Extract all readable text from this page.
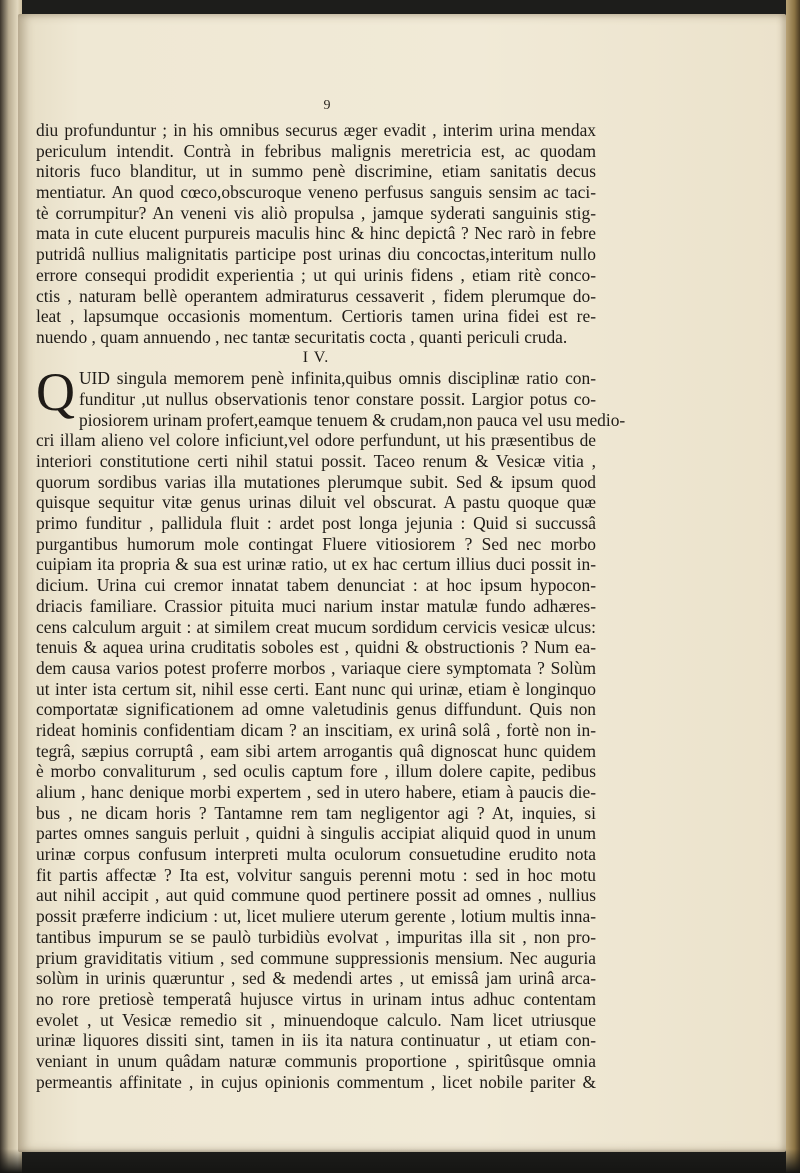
9
diu profunduntur ; in his omnibus securus æger evadit , interim urina mendax
periculum intendit. Contrà in febribus malignis meretricia est, ac quodam
nitoris fuco blanditur, ut in summo penè discrimine, etiam sanitatis decus
mentiatur. An quod cœco,obscuroque veneno perfusus sanguis sensim ac taci-
tè corrumpitur? An veneni vis aliò propulsa , jamque syderati sanguinis stig-
mata in cute elucent purpureis maculis hinc & hinc depictâ ? Nec rarò in febre
putridâ nullius malignitatis participe post urinas diu concoctas,interitum nullo
errore consequi prodidit experientia ; ut qui urinis fidens , etiam ritè conco-
ctis , naturam bellè operantem admiraturus cessaverit , fidem plerumque do-
leat , lapsumque occasionis momentum. Certioris tamen urina fidei est re-
nuendo , quam annuendo , nec tantæ securitatis cocta , quanti periculi cruda.
I V.
Q UID singula memorem penè infinita,quibus omnis disciplinæ ratio con-
funditur ,ut nullus observationis tenor constare possit. Largior potus co-
piosiorem urinam profert,eamque tenuem & crudam,non pauca vel usu medio-
cri illam alieno vel colore inficiunt,vel odore perfundunt, ut his præsentibus de
interiori constitutione certi nihil statui possit. Taceo renum & Vesicæ vitia ,
quorum sordibus varias illa mutationes plerumque subit. Sed & ipsum quod
quisque sequitur vitæ genus urinas diluit vel obscurat. A pastu quoque quæ
primo funditur , pallidula fluit : ardet post longa jejunia : Quid si succussâ
purgantibus humorum mole contingat Fluere vitiosiorem ? Sed nec morbo
cuipiam ita propria & sua est urinæ ratio, ut ex hac certum illius duci possit in-
dicium. Urina cui cremor innatat tabem denunciat : at hoc ipsum hypocon-
driacis familiare. Crassior pituita muci narium instar matulæ fundo adhæres-
cens calculum arguit : at similem creat mucum sordidum cervicis vesicæ ulcus:
tenuis & aquea urina cruditatis soboles est , quidni & obstructionis ? Num ea-
dem causa varios potest proferre morbos , variaque ciere symptomata ? Solùm
ut inter ista certum sit, nihil esse certi. Eant nunc qui urinæ, etiam è longinquo
comportatæ significationem ad omne valetudinis genus diffundunt. Quis non
rideat hominis confidentiam dicam ? an inscitiam, ex urinâ solâ , fortè non in-
tegrâ, sæpius corruptâ , eam sibi artem arrogantis quâ dignoscat hunc quidem
è morbo convaliturum , sed oculis captum fore , illum dolere capite, pedibus
alium , hanc denique morbi expertem , sed in utero habere, etiam à paucis die-
bus , ne dicam horis ? Tantamne rem tam negligentor agi ? At, inquies, si
partes omnes sanguis perluit , quidni à singulis accipiat aliquid quod in unum
urinæ corpus confusum interpreti multa oculorum consuetudine erudito nota
fit partis affectæ ? Ita est, volvitur sanguis perenni motu : sed in hoc motu
aut nihil accipit , aut quid commune quod pertinere possit ad omnes , nullius
possit præferre indicium : ut, licet muliere uterum gerente , lotium multis inna-
tantibus impurum se se paulò turbidiùs evolvat , impuritas illa sit , non pro-
prium graviditatis vitium , sed commune suppressionis mensium. Nec auguria
solùm in urinis quæruntur , sed & medendi artes , ut emissâ jam urinâ arca-
no rore pretiosè temperatâ hujusce virtus in urinam intus adhuc contentam
evolet , ut Vesicæ remedio sit , minuendoque calculo. Nam licet utriusque
urinæ liquores dissiti sint, tamen in iis ita natura continuatur , ut etiam con-
veniant in unum quâdam naturæ communis proportione , spiritûsque omnia
permeantis affinitate , in cujus opinionis commentum , licet nobile pariter &
